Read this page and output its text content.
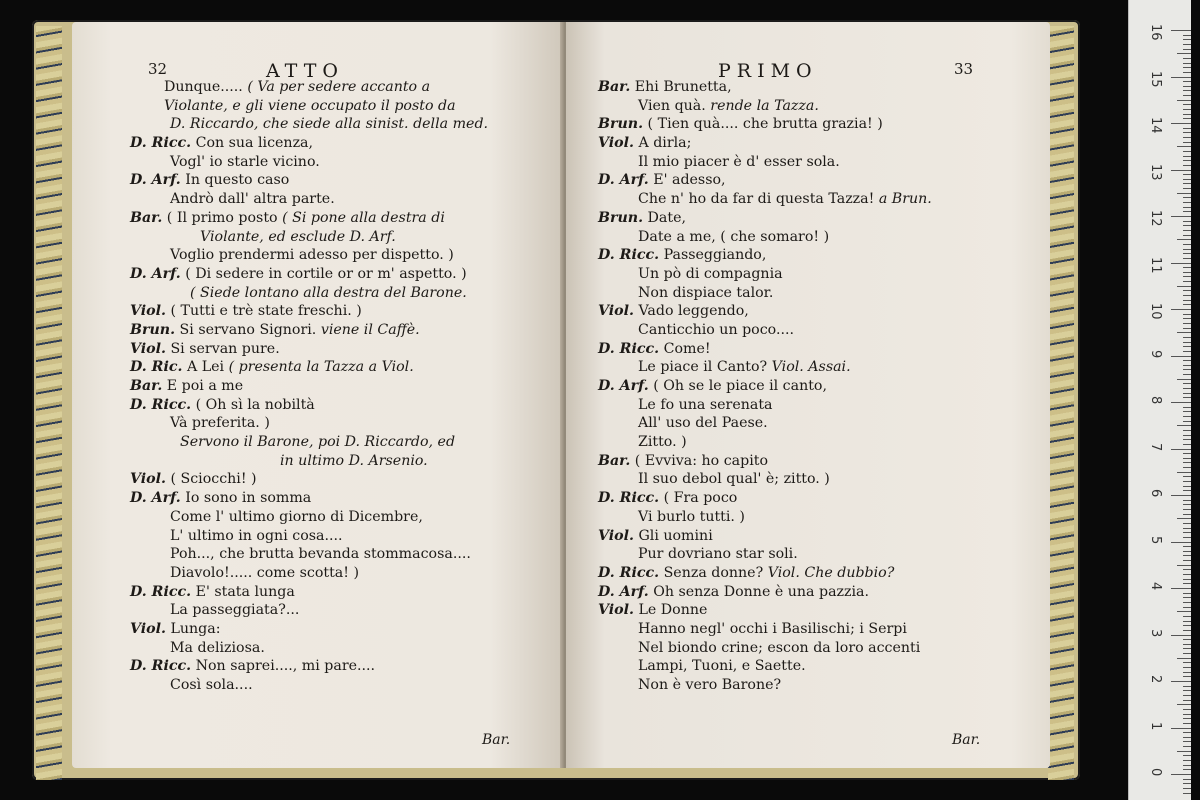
32	ATTO
Dunque..... ( Va per sedere accanto a
Violante, e gli viene occupato il posto da
D. Riccardo, che siede alla sinist. della med.
D. Ricc. Con sua licenza,
Vogl' io starle vicino.
D. Arf. In questo caso
Andrò dall' altra parte.
Bar. ( Il primo posto ( Si pone alla destra di
Violante, ed esclude D. Arf.
Voglio prendermi adesso per dispetto. )
D. Arf. ( Di sedere in cortile or or m' aspetto. )
( Siede lontano alla destra del Barone.
Viol. ( Tutti e trè state freschi. )
Brun. Si servano Signori. viene il Caffè.
Viol. Si servan pure.
D. Ric. A Lei ( presenta la Tazza a Viol.
Bar. E poi a me
D. Ricc. ( Oh sì la nobiltà
Và preferita. )
Servono il Barone, poi D. Riccardo, ed
in ultimo D. Arsenio.
Viol. ( Sciocchi! )
D. Arf. Io sono in somma
Come l' ultimo giorno di Dicembre,
L' ultimo in ogni cosa....
Poh..., che brutta bevanda stommacosa....
Diavolo!..... come scotta! )
D. Ricc. E' stata lunga
La passeggiata?...
Viol. Lunga:
Ma deliziosa.
D. Ricc. Non saprei...., mi pare....
Così sola....
Bar.
PRIMO	33
Bar. Ehi Brunetta,
Vien quà. rende la Tazza.
Brun. ( Tien quà.... che brutta grazia! )
Viol. A dirla;
Il mio piacer è d' esser sola.
D. Arf. E' adesso,
Che n' ho da far di questa Tazza! a Brun.
Brun. Date,
Date a me, ( che somaro! )
D. Ricc. Passeggiando,
Un pò di compagnia
Non dispiace talor.
Viol. Vado leggendo,
Canticchio un poco....
D. Ricc. Come!
Le piace il Canto? Viol. Assai.
D. Arf. ( Oh se le piace il canto,
Le fo una serenata
All' uso del Paese.
Zitto. )
Bar. ( Evviva: ho capito
Il suo debol qual' è; zitto. )
D. Ricc. ( Fra poco
Vi burlo tutti. )
Viol. Gli uomini
Pur dovriano star soli.
D. Ricc. Senza donne? Viol. Che dubbio?
D. Arf. Oh senza Donne è una pazzia.
Viol. Le Donne
Hanno negl' occhi i Basilischi; i Serpi
Nel biondo crine; escon da loro accenti
Lampi, Tuoni, e Saette.
Non è vero Barone?
Bar.
16
15
14
13
12
11
10
9
8
7
6
5
4
3
2
1
0
